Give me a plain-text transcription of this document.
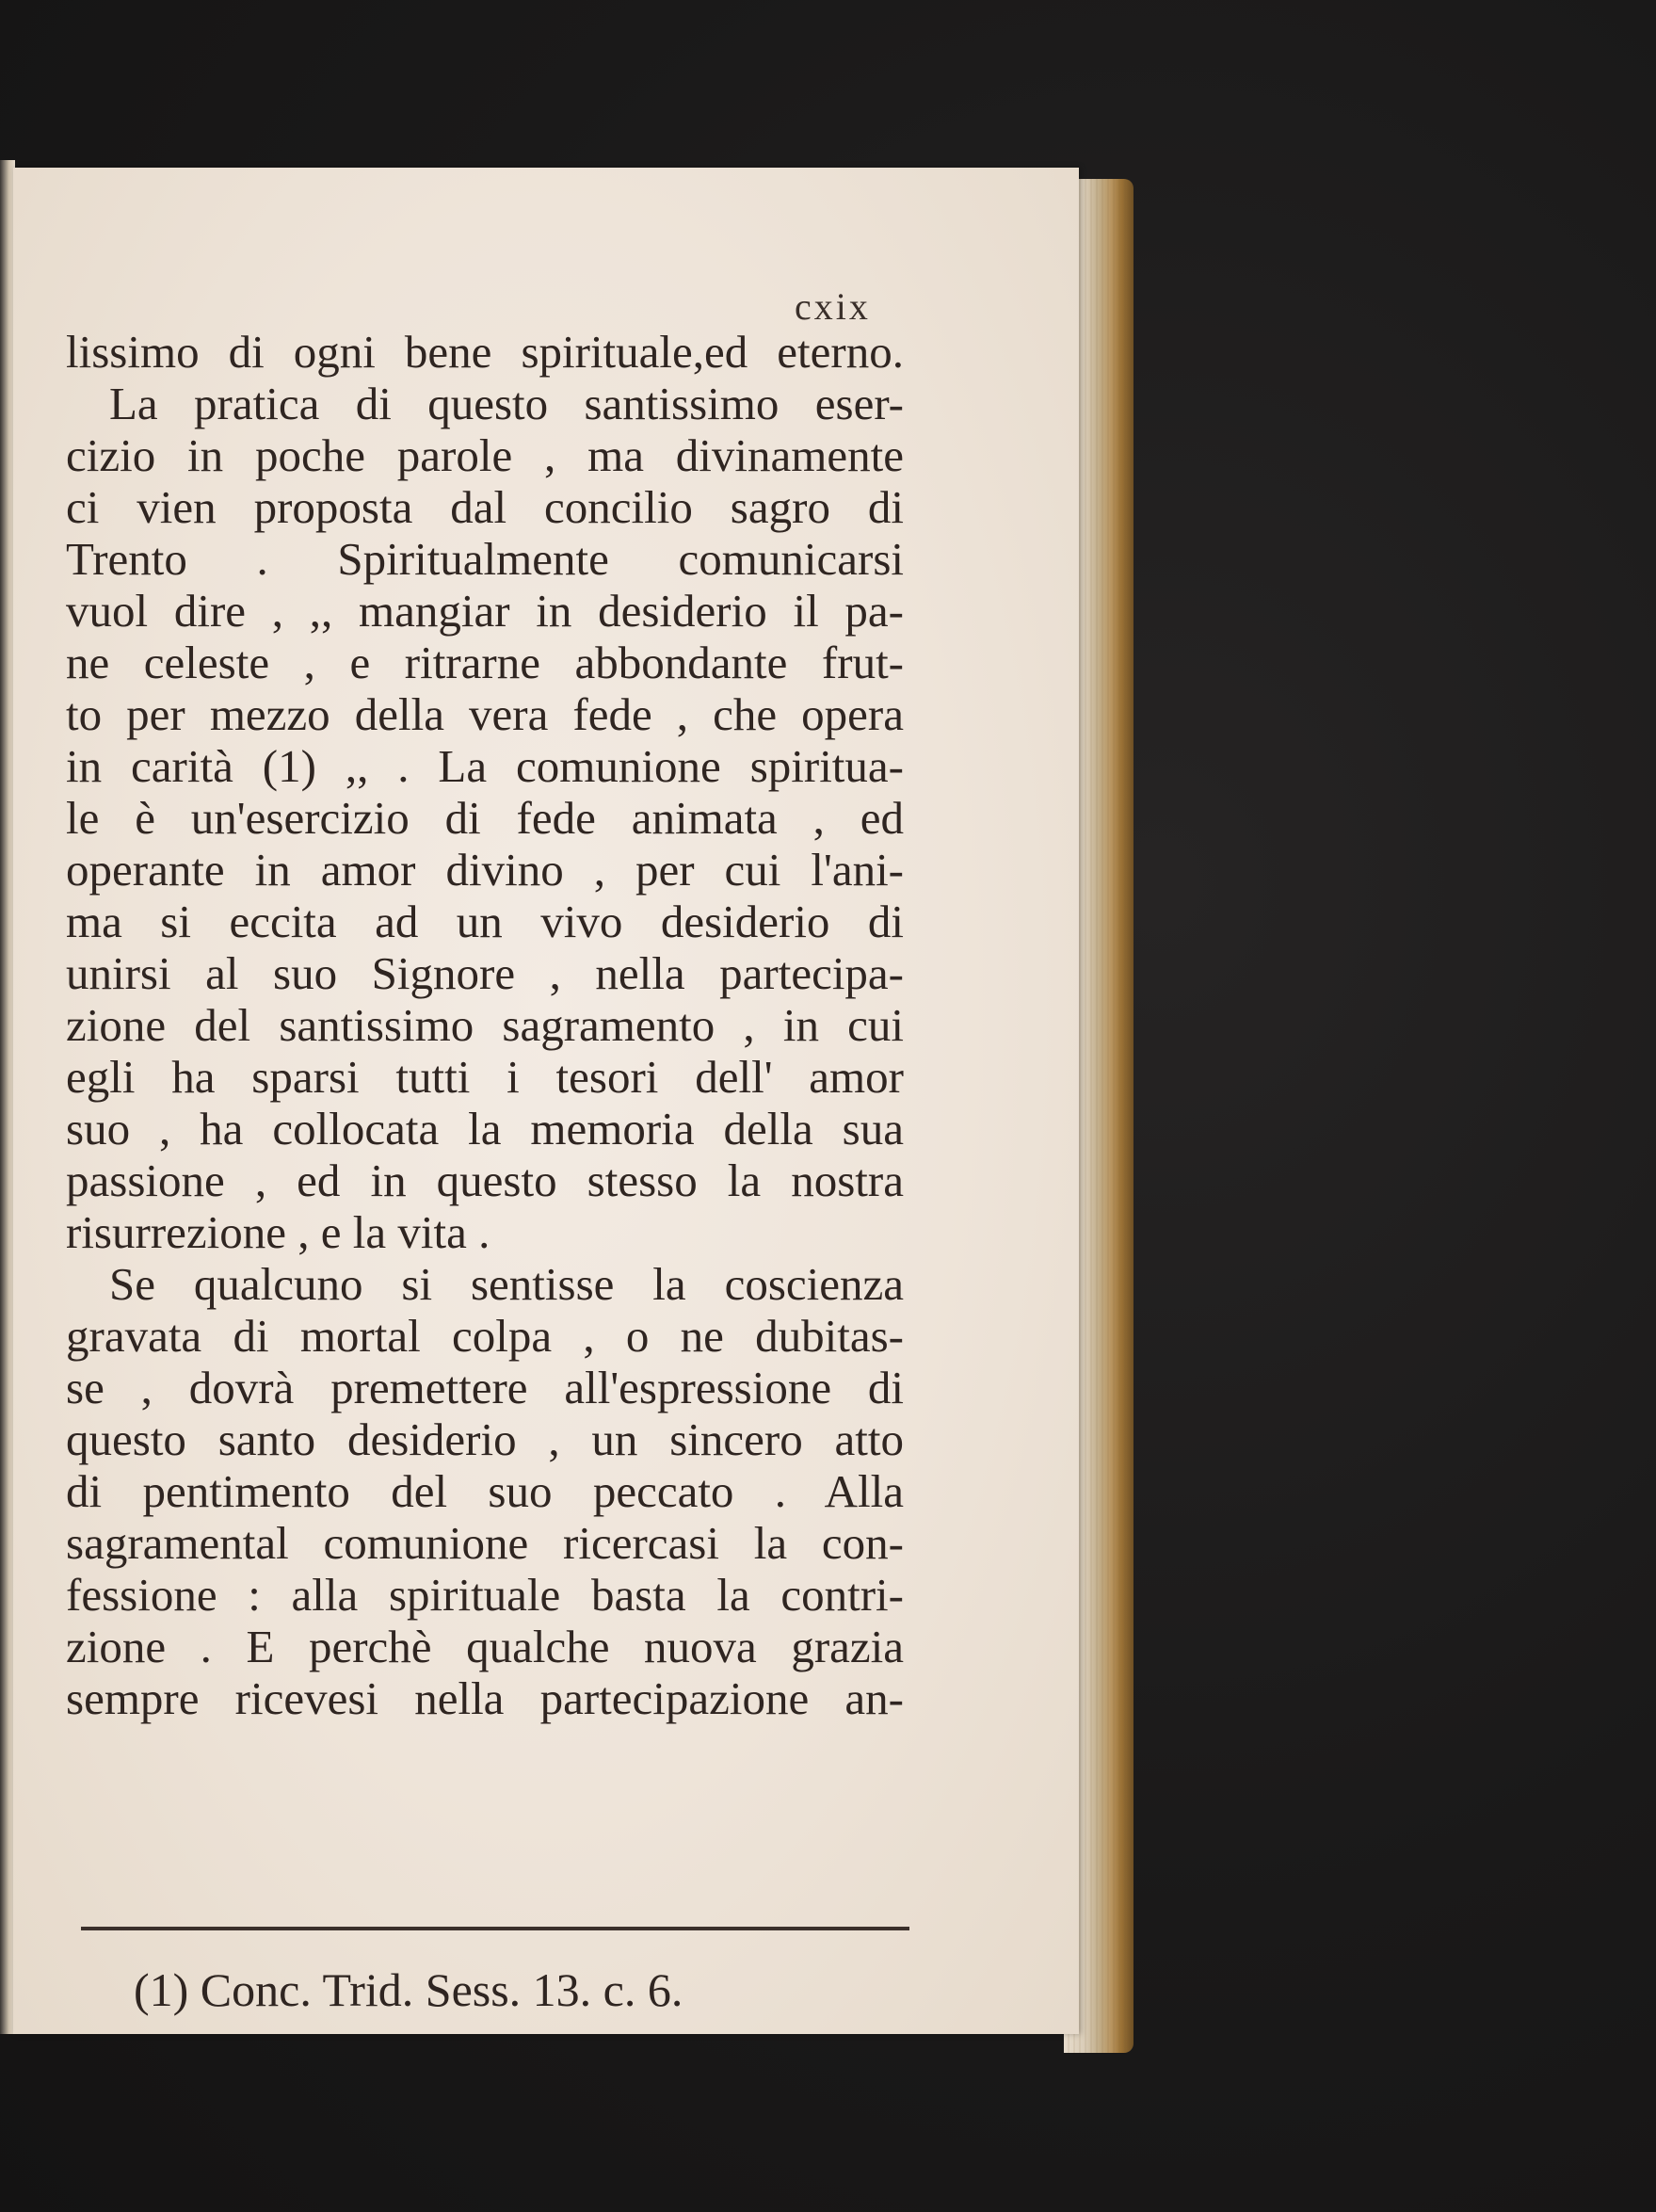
cxix
lissimo di ogni bene spirituale,ed eterno.
La pratica di questo santissimo eser-
cizio in poche parole , ma divinamente
ci vien proposta dal concilio sagro di
Trento . Spiritualmente comunicarsi
vuol dire , ,, mangiar in desiderio il pa-
ne celeste , e ritrarne abbondante frut-
to per mezzo della vera fede , che opera
in carità (1) ,, . La comunione spiritua-
le è un'esercizio di fede animata , ed
operante in amor divino , per cui l'ani-
ma si eccita ad un vivo desiderio di
unirsi al suo Signore , nella partecipa-
zione del santissimo sagramento , in cui
egli ha sparsi tutti i tesori dell' amor
suo , ha collocata la memoria della sua
passione , ed in questo stesso la nostra
risurrezione , e la vita .
Se qualcuno si sentisse la coscienza
gravata di mortal colpa , o ne dubitas-
se , dovrà premettere all'espressione di
questo santo desiderio , un sincero atto
di pentimento del suo peccato . Alla
sagramental comunione ricercasi la con-
fessione : alla spirituale basta la contri-
zione . E perchè qualche nuova grazia
sempre ricevesi nella partecipazione an-
(1) Conc. Trid. Sess. 13. c. 6.
